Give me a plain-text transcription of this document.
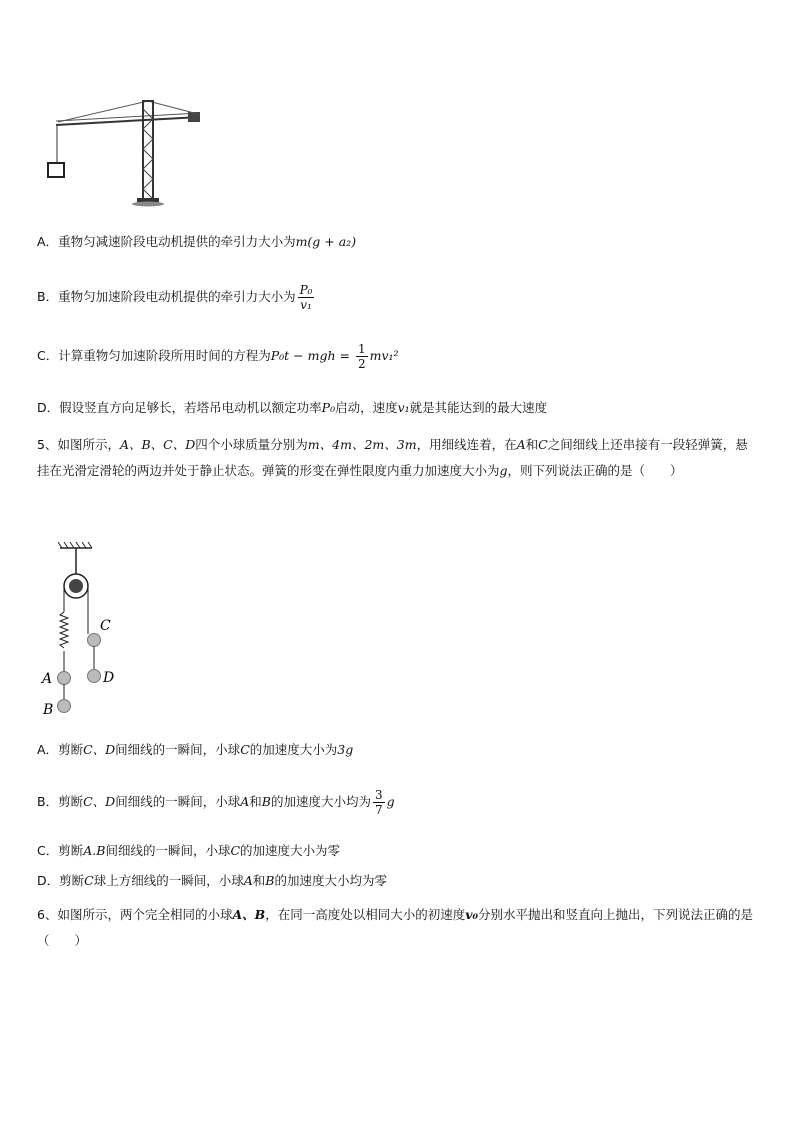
A．重物匀减速阶段电动机提供的牵引力大小为m(g + a₂)
B．重物匀加速阶段电动机提供的牵引力大小为 $\frac{\text{P₀}}{\text{v₁}}$
C．计算重物匀加速阶段所用时间的方程为P₀t − mgh = $\frac{1}{2} mv_1^2$
D．假设竖直方向足够长，若塔吊电动机以额定功率P₀启动，速度v₁就是其能达到的最大速度
5、如图所示，A、B、C、D四个小球质量分别为m、4m、2m、3m，用细线连着，在A和C之间细线上还串接有一段轻弹簧，悬挂在光滑定滑轮的两边并处于静止状态。弹簧的形变在弹性限度内重力加速度大小为g，则下列说法正确的是（　　）
C
A	D
B
A．剪断C、D间细线的一瞬间，小球C的加速度大小为3g
B．剪断C、D间细线的一瞬间，小球A和B的加速度大小均为 $\frac{3}{7}$ g
C．剪断A.B间细线的一瞬间，小球C的加速度大小为零
D．剪断C球上方细线的一瞬间，小球A和B的加速度大小均为零
6、如图所示，两个完全相同的小球A、B，在同一高度处以相同大小的初速度v₀分别水平抛出和竖直向上抛出，下列说法正确的是（　　）
